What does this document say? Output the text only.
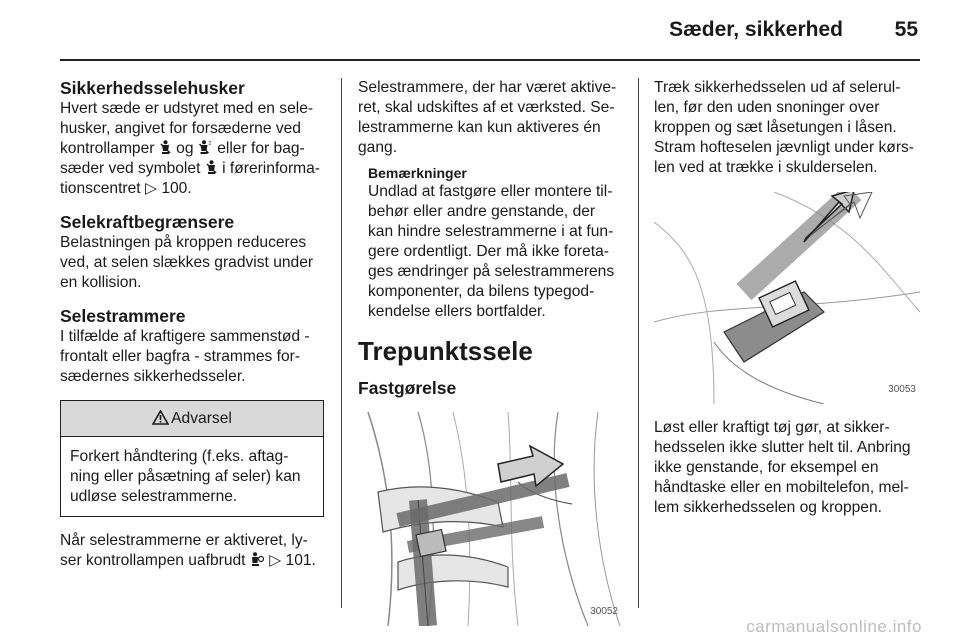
Sæder, sikkerhed 55
Sikkerhedsselehusker

Hvert sæde er udstyret med en sele-husker, angivet for forsæderne ved kontrollamper og	2 eller for bag-sæder ved symbolet i førerinforma-tionscentret ▷ 100.

Selekraftbegrænsere

Belastningen på kroppen reduceres ved, at selen slækkes gradvist under en kollision.

Selestrammere

I tilfælde af kraftigere sammenstød -frontalt eller bagfra - strammes for-sædernes sikkerhedsseler.

Advarsel
Forkert håndtering (f.eks. aftag-ning eller påsætning af seler) kan udløse selestrammerne.

Når selestrammerne er aktiveret, ly-ser kontrollampen uafbrudt ▷ 101.

Selestrammere, der har været aktive-ret, skal udskiftes af et værksted. Se-lestrammerne kan kun aktiveres én gang.

Bemærkninger

Undlad at fastgøre eller montere til-behør eller andre genstande, der kan hindre selestrammerne i at fun-gere ordentligt. Der må ikke foreta-ges ændringer på selestrammerens komponenter, da bilens typegod-kendelse ellers bortfalder.

Trepunktssele
Fastgørelse
30052

Træk sikkerhedsselen ud af selerul-len, før den uden snoninger over kroppen og sæt låsetungen i låsen. Stram hofteselen jævnligt under kørs-len ved at trække i skulderselen.

30053

Løst eller kraftigt tøj gør, at sikker-hedsselen ikke slutter helt til. Anbring ikke genstande, for eksempel en håndtaske eller en mobiltelefon, mel-lem sikkerhedsselen og kroppen.

carmanualsonline.info
